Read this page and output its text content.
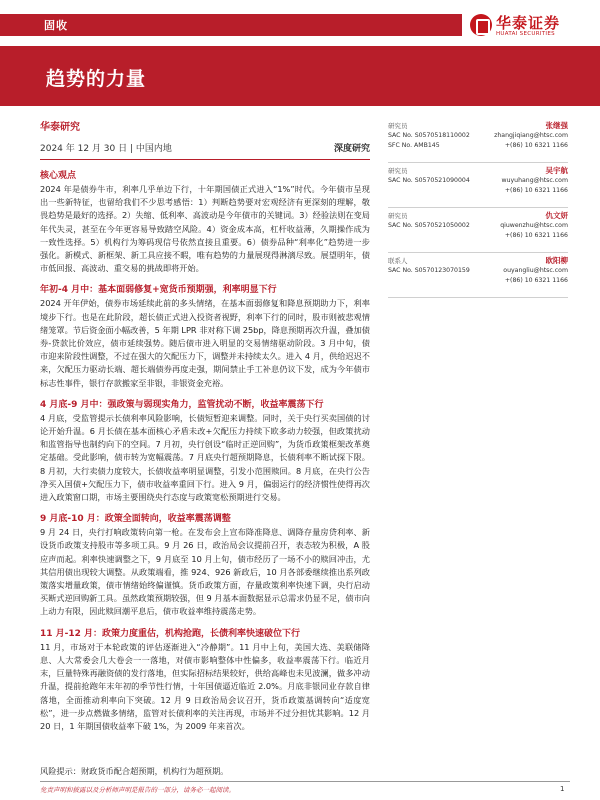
固收	华泰证券
HUATAI SECURITIES
趋势的力量
华泰研究
2024 年 12 月 30 日 | 中国内地	深度研究
核心观点
2024 年是债券牛市，利率几乎单边下行，十年期国债正式进入“1%”时代。今年债市呈现出一些新特征，也留给我们不少思考感悟：1）判断趋势要对宏观经济有更深刻的理解，敬畏趋势是最好的选择。2）失缩、低利率、高波动是今年债市的关键词。3）经验法则在变局年代失灵，甚至在今年更容易导致踏空风险。4）资金成本高，杠杆收益薄，久期操作成为一致性选择。5）机构行为筹码现信号依然直接且重要。6）债券品种“利率化”趋势进一步强化。新模式、新框架、新工具应接不暇，唯有趋势的力量展现得淋漓尽致。展望明年，债市低回报、高波动、重交易的挑战即将开始。
年初-4 月中：基本面弱修复+宽货币预期强，利率明显下行
2024 开年伊始，债券市场延续此前的多头情绪，在基本面弱修复和降息预期助力下，利率境步下行。也是在此阶段，超长债正式进入投资者视野，利率下行的同时，股市则被悲观情绪笼罩。节后资金面小幅改善，5 年期 LPR 非对称下调 25bp，降息预期再次升温，叠加债券-贷款比价效应，债市延续强势。随后债市进入明显的交易情绪驱动阶段。3 月中旬，债市迎来阶段性调整，不过在强大的欠配压力下，调整并未持续太久。进入 4 月，供给迟迟不来，欠配压力驱动长端、超长端债券再度走强，期间禁止手工补息仍议下发，成为今年债市标志性事件，银行存款搬家至非银，非银资金充裕。
4 月底-9 月中：强政策与弱现实角力，监管扰动不断，收益率震荡下行
4 月底，受监管提示长债利率风险影响，长债短暂迎来调整。同时，关于央行买卖国债的讨论开始升温。6 月长债在基本面核心矛盾未改+欠配压力持续下欧多动力较强，但政策扰动和监管指导也制约向下的空间。7 月初，央行创设“临时正逆回购”，为货币政策框架改革奠定基础。受此影响，债市转为宽幅震荡。7 月底央行超预期降息，长债利率不断试探下限。8 月初，大行卖债力度较大，长债收益率明显调整，引发小范围赎回。8 月底，在央行公告净买入国债+欠配压力下，债市收益率重回下行。进入 9 月，偏弱运行的经济惯性使得再次进入政策窗口期，市场主要围绕央行态度与政策宽松预期进行交易。
9 月底-10 月：政策全面转向，收益率震荡调整
9 月 24 日，央行打响政策转向第一枪。在发布会上宣布降准降息、调降存量房贷利率、新设货币政策支持股市等多项工具。9 月 26 日，政治局会议提前召开，表态较为积极，A 股应声而起。利率快速调整之下，9 月底至 10 月上旬，债市经历了一场不小的赎回冲击，尤其信用债出现较大调整。从政策端看，推 924、926 新政后，10 月各部委继续推出系列政策落实增量政策，债市情绪始终偏谨慎。货币政策方面，存量政策利率快速下调，央行启动买断式逆回购新工具。虽然政策预期较强，但 9 月基本面数据显示总需求仍显不足，债市向上动力有限，因此赎回潮平息后，债市收益率维持震荡走势。
11 月-12 月：政策力度重估，机构抢跑，长债利率快速破位下行
11 月，市场对于本轮政策的评估逐渐进入“冷静期”。11 月中上旬，美国大选、美联储降息、人大常委会几大卷会一一落地，对债市影响整体中性偏多，收益率震荡下行。临近月末，巨量特殊再融资债的发行落地，但实际招标结果较好，供给高峰也未见波澜，做多冲动升温，提前抢跑年末年初的季节性行情，十年国债逼近临近 2.0%。月底非银同业存款自律落地，全面推动利率向下突破。12 月 9 日政治局会议召开，货币政策基调转向“适度宽松”，进一步点燃做多情绪，监管对长债利率的关注再现，市场并不过分担忧其影响。12 月 20 日，1 年期国债收益率下破 1%，为 2009 年来首次。
研究员	张继强
SAC No. S0570518110002	zhangjiqiang@htsc.com
SFC No. AMB145	+(86) 10 6321 1166
研究员	吴宇航
SAC No. S0570521090004	wuyuhang@htsc.com
+(86) 10 6321 1166
研究员	仇文妍
SAC No. S0570521050002	qiuwenzhu@htsc.com
+(86) 10 6321 1166
联系人	欧阳柳
SAC No. S0570123070159	ouyangliu@htsc.com
+(86) 10 6321 1166
风险提示：财政货币配合超预期，机构行为超预期。
免责声明和披露以及分析师声明是报告的一部分，请务必一起阅读。	1
